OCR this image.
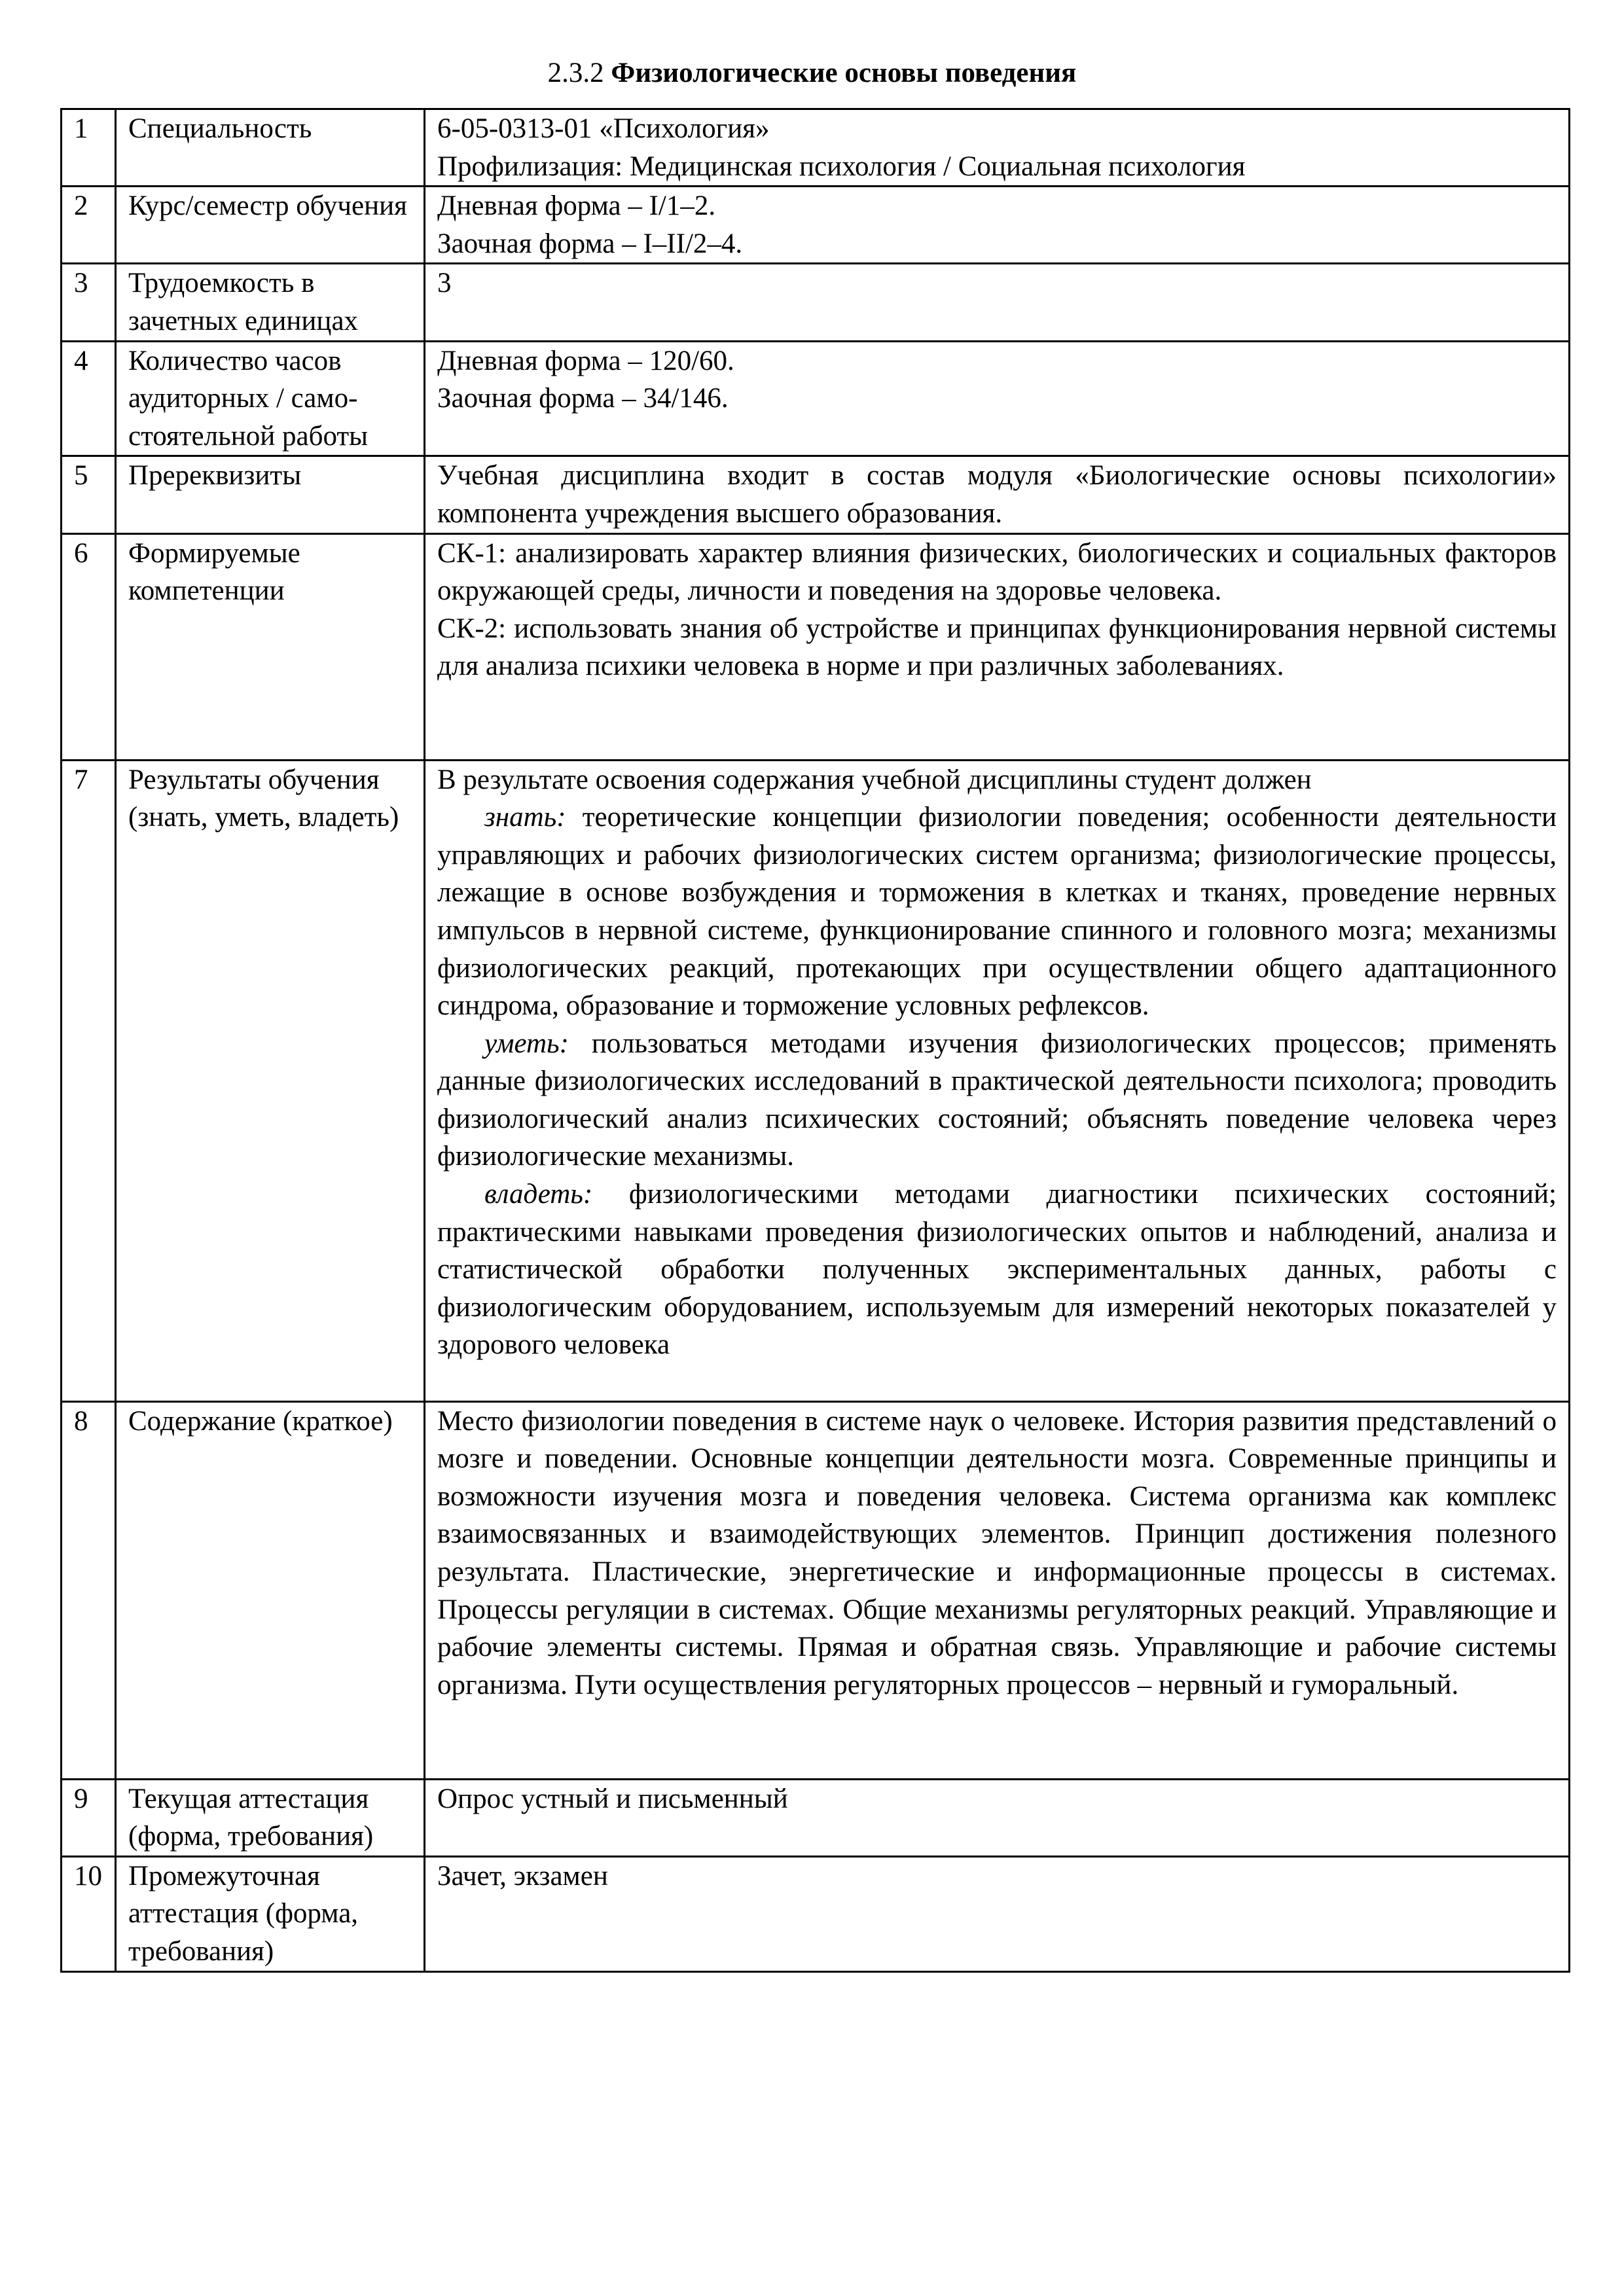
2.3.2 Физиологические основы поведения
1	Специальность	6-05-0313-01 «Психология»
Профилизация: Медицинская психология / Социальная психология

2	Курс/семестр обучения	Дневная форма – I/1–2.
Заочная форма – I–II/2–4.

3	Трудоемкость в зачетных единицах	3

4	Количество часов аудиторных / само-стоятельной работы	Дневная форма – 120/60.
Заочная форма – 34/146.

5	Пререквизиты	Учебная дисциплина входит в состав модуля «Биологические основы психологии» компонента учреждения высшего образования.

6	Формируемые компетенции	СК-1: анализировать характер влияния физических, биологических и социальных факторов окружающей среды, личности и поведения на здоровье человека.

СК-2: использовать знания об устройстве и принципах функционирования нервной системы для анализа психики человека в норме и при различных заболеваниях.

7	Результаты обучения (знать, уметь, владеть)	В результате освоения содержания учебной дисциплины студент должен

знать: теоретические концепции физиологии поведения; особенности деятельности управляющих и рабочих физиологических систем организма; физиологические процессы, лежащие в основе возбуждения и торможения в клетках и тканях, проведение нервных импульсов в нервной системе, функционирование спинного и головного мозга; механизмы физиологических реакций, протекающих при осуществлении общего адаптационного синдрома, образование и торможение условных рефлексов.

уметь: пользоваться методами изучения физиологических процессов; применять данные физиологических исследований в практической деятельности психолога; проводить физиологический анализ психических состояний; объяснять поведение человека через физиологические механизмы.

владеть: физиологическими методами диагностики психических состояний; практическими навыками проведения физиологических опытов и наблюдений, анализа и статистической обработки полученных экспериментальных данных, работы с физиологическим оборудованием, используемым для измерений некоторых показателей у здорового человека

8	Содержание (краткое)	Место физиологии поведения в системе наук о человеке. История развития представлений о мозге и поведении. Основные концепции деятельности мозга. Современные принципы и возможности изучения мозга и поведения человека. Система организма как комплекс взаимосвязанных и взаимодействующих элементов. Принцип достижения полезного результата. Пластические, энергетические и информационные процессы в системах. Процессы регуляции в системах. Общие механизмы регуляторных реакций. Управляющие и рабочие элементы системы. Прямая и обратная связь. Управляющие и рабочие системы организма. Пути осуществления регуляторных процессов – нервный и гуморальный.

9	Текущая аттестация (форма, требования)	Опрос устный и письменный

10	Промежуточная аттестация (форма, требования)	Зачет, экзамен
